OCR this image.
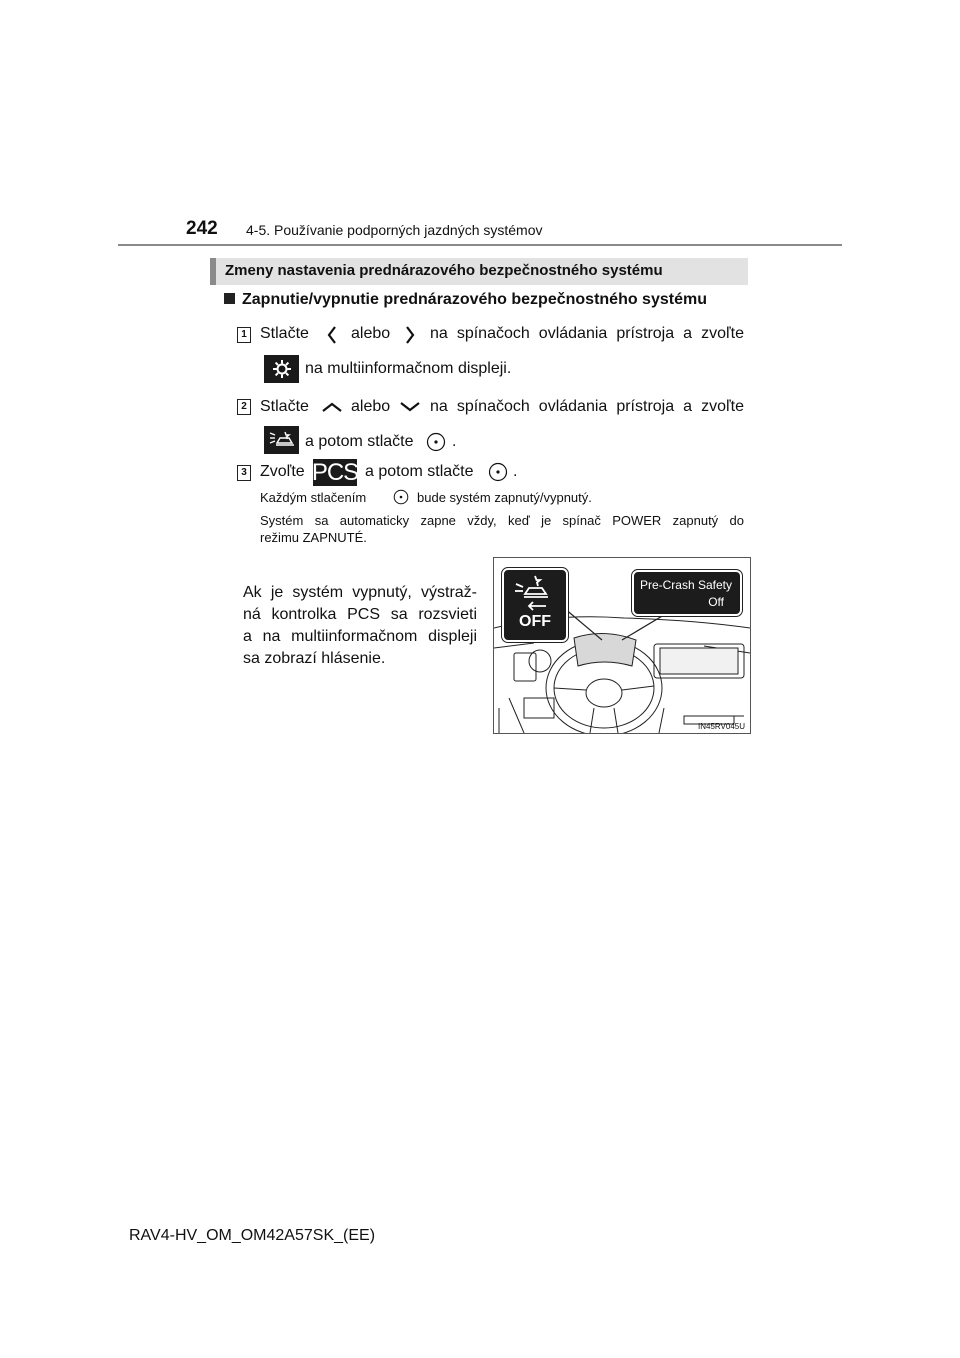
242 4-5. Používanie podporných jazdných systémov
Zmeny nastavenia prednárazového bezpečnostného systému
Zapnutie/vypnutie prednárazového bezpečnostného systému
1 Stlačte	alebo na spínačoch ovládania prístroja a zvoľte
na multiinformačnom displeji.
2 Stlačte	alebo na spínačoch ovládania prístroja a zvoľte
a potom stlačte .
3 Zvoľte PCS a potom stlačte .
Každým stlačením	bude systém zapnutý/vypnutý.
Systém sa automaticky zapne vždy, keď je spínač POWER zapnutý do
režimu ZAPNUTÉ.
Ak je systém vypnutý, výstraž-
ná kontrolka PCS sa rozsvieti
a na multiinformačnom displeji
sa zobrazí hlásenie.
OFF
Pre-Crash Safety
Off
IN45RV045U
RAV4-HV_OM_OM42A57SK_(EE)
